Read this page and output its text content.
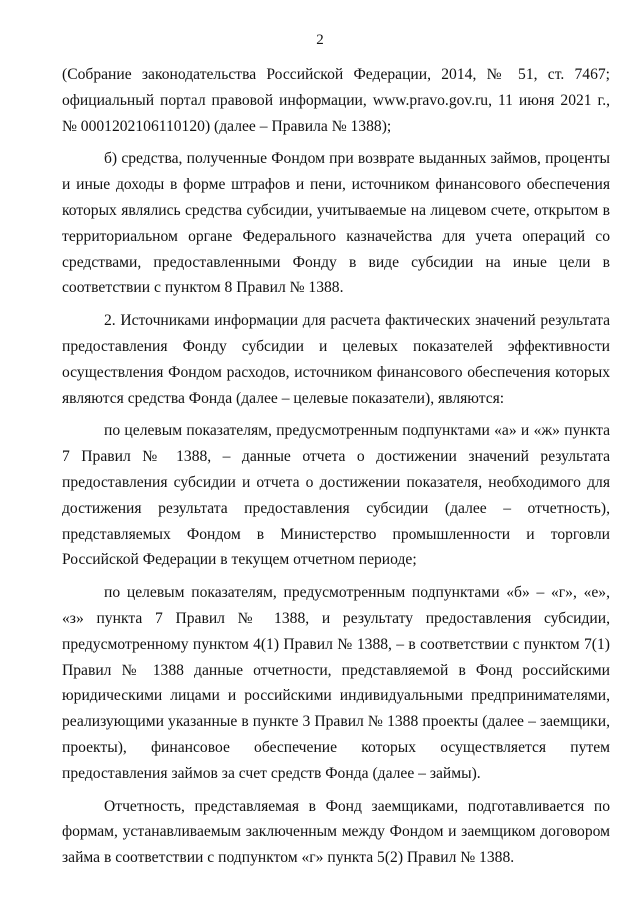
2

(Собрание законодательства Российской Федерации, 2014, № 51, ст. 7467; официальный портал правовой информации, www.pravo.gov.ru, 11 июня 2021 г., № 0001202106110120) (далее – Правила № 1388);

б) средства, полученные Фондом при возврате выданных займов, проценты и иные доходы в форме штрафов и пени, источником финансового обеспечения которых являлись средства субсидии, учитываемые на лицевом счете, открытом в территориальном органе Федерального казначейства для учета операций со средствами, предоставленными Фонду в виде субсидии на иные цели в соответствии с пунктом 8 Правил № 1388.

2. Источниками информации для расчета фактических значений результата предоставления Фонду субсидии и целевых показателей эффективности осуществления Фондом расходов, источником финансового обеспечения которых являются средства Фонда (далее – целевые показатели), являются:

по целевым показателям, предусмотренным подпунктами «а» и «ж» пункта 7 Правил № 1388, – данные отчета о достижении значений результата предоставления субсидии и отчета о достижении показателя, необходимого для достижения результата предоставления субсидии (далее – отчетность), представляемых Фондом в Министерство промышленности и торговли Российской Федерации в текущем отчетном периоде;

по целевым показателям, предусмотренным подпунктами «б» – «г», «е», «з» пункта 7 Правил № 1388, и результату предоставления субсидии, предусмотренному пунктом 4(1) Правил № 1388, – в соответствии с пунктом 7(1) Правил № 1388 данные отчетности, представляемой в Фонд российскими юридическими лицами и российскими индивидуальными предпринимателями, реализующими указанные в пункте 3 Правил № 1388 проекты (далее – заемщики, проекты), финансовое обеспечение которых осуществляется путем предоставления займов за счет средств Фонда (далее – займы).

Отчетность, представляемая в Фонд заемщиками, подготавливается по формам, устанавливаемым заключенным между Фондом и заемщиком договором займа в соответствии с подпунктом «г» пункта 5(2) Правил № 1388.
